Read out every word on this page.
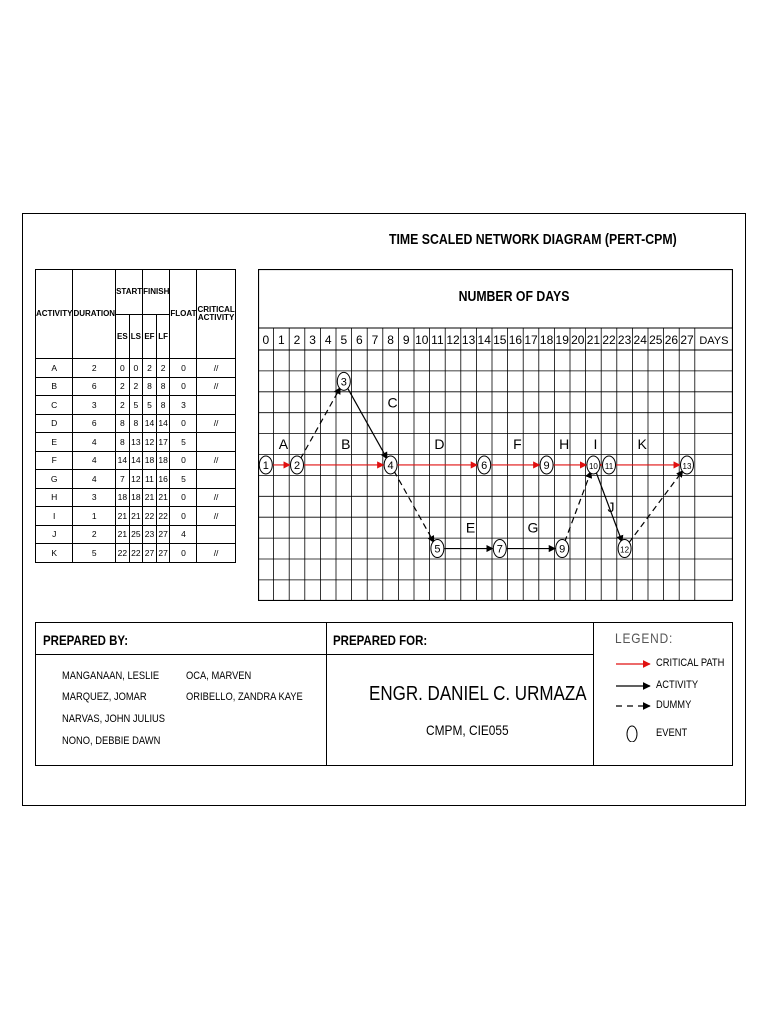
TIME SCALED NETWORK DIAGRAM (PERT-CPM)
ACTIVITY	DURATION	START		FINISH		FLOAT	CRITICAL ACTIVITY
		ES	LS	EF	LF		
A	2	0	0	2	2	0	//
B	6	2	2	8	8	0	//
C	3	2	5	5	8	3	
D	6	8	8	14	14	0	//
E	4	8	13	12	17	5	
F	4	14	14	18	18	0	//
G	4	7	12	11	16	5	
H	3	18	18	21	21	0	//
I	1	21	21	22	22	0	//
J	2	21	25	23	27	4	
K	5	22	22	27	27	0	//
NUMBER OF DAYS
0 1 2 3 4 5 6 7 8 9 10 11 12 13 14 15 16 17 18 19 20 21 22 23 24 25 26 27 DAYS
A	B
C
D	F	H I	K
E	G
J
1 2
3
4
5
6
7
9
9
10 11
12
13
PREPARED BY:
MANGANAAN, LESLIE
MARQUEZ, JOMAR
NARVAS, JOHN JULIUS
NONO, DEBBIE DAWN
OCA, MARVEN
ORIBELLO, ZANDRA KAYE
PREPARED FOR:
ENGR. DANIEL C. URMAZA
CMPM, CIE055
LEGEND:
CRITICAL PATH
ACTIVITY
DUMMY
EVENT
